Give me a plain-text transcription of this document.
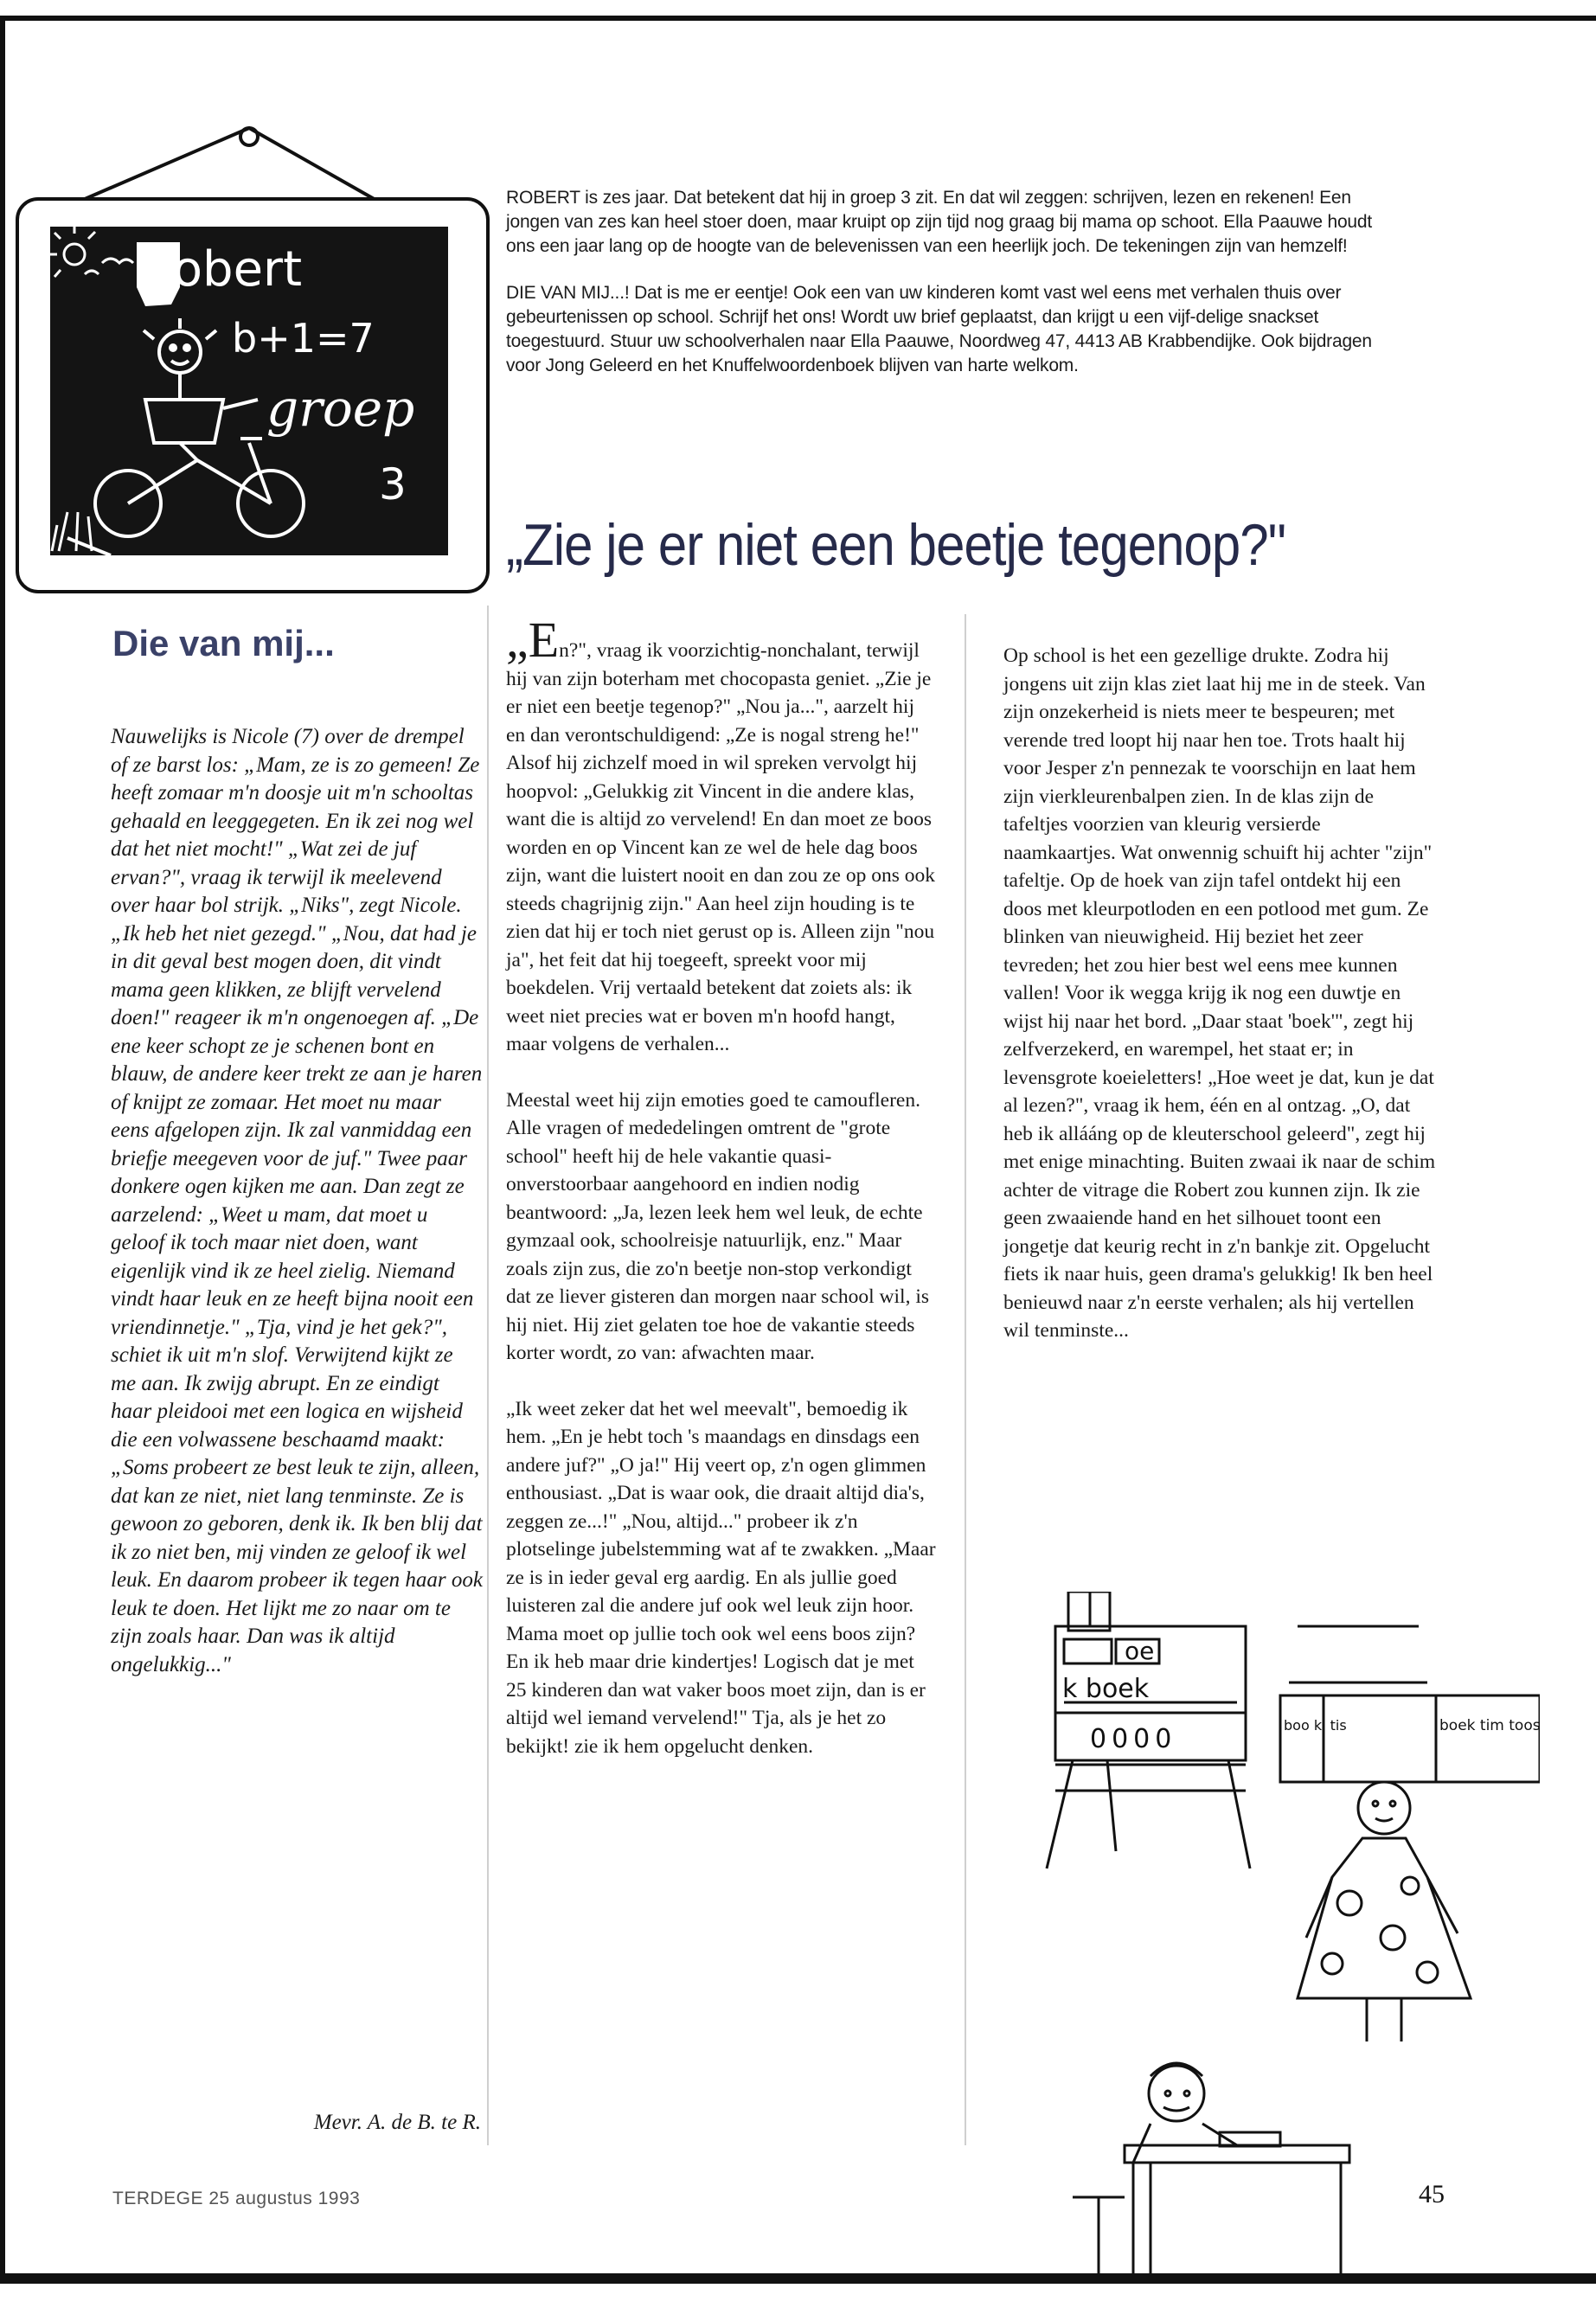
robert
b+1=7
groep
3

ROBERT is zes jaar. Dat betekent dat hij in groep 3 zit. En dat wil zeggen: schrijven, lezen en rekenen! Een jongen van zes kan heel stoer doen, maar kruipt op zijn tijd nog graag bij mama op schoot. Ella Paauwe houdt ons een jaar lang op de hoogte van de belevenissen van een heerlijk joch. De tekeningen zijn van hemzelf!

DIE VAN MIJ...! Dat is me er eentje! Ook een van uw kinderen komt vast wel eens met verhalen thuis over gebeurtenissen op school. Schrijf het ons! Wordt uw brief geplaatst, dan krijgt u een vijf-delige snackset toegestuurd. Stuur uw schoolverhalen naar Ella Paauwe, Noordweg 47, 4413 AB Krabbendijke. Ook bijdragen voor Jong Geleerd en het Knuffelwoordenboek blijven van harte welkom.

„Zie je er niet een beetje tegenop?"
Die van mij...

Nauwelijks is Nicole (7) over de drempel of ze barst los: „Mam, ze is zo gemeen! Ze heeft zomaar m'n doosje uit m'n schooltas gehaald en leeggegeten. En ik zei nog wel dat het niet mocht!" „Wat zei de juf ervan?", vraag ik terwijl ik meelevend over haar bol strijk. „Niks", zegt Nicole. „Ik heb het niet gezegd." „Nou, dat had je in dit geval best mogen doen, dit vindt mama geen klikken, ze blijft vervelend doen!" reageer ik m'n ongenoegen af. „De ene keer schopt ze je schenen bont en blauw, de andere keer trekt ze aan je haren of knijpt ze zomaar. Het moet nu maar eens afgelopen zijn. Ik zal vanmiddag een briefje meegeven voor de juf." Twee paar donkere ogen kijken me aan. Dan zegt ze aarzelend: „Weet u mam, dat moet u geloof ik toch maar niet doen, want eigenlijk vind ik ze heel zielig. Niemand vindt haar leuk en ze heeft bijna nooit een vriendinnetje." „Tja, vind je het gek?", schiet ik uit m'n slof. Verwijtend kijkt ze me aan. Ik zwijg abrupt. En ze eindigt haar pleidooi met een logica en wijsheid die een volwassene beschaamd maakt: „Soms probeert ze best leuk te zijn, alleen, dat kan ze niet, niet lang tenminste. Ze is gewoon zo geboren, denk ik. Ik ben blij dat ik zo niet ben, mij vinden ze geloof ik wel leuk. En daarom probeer ik tegen haar ook leuk te doen. Het lijkt me zo naar om te zijn zoals haar. Dan was ik altijd ongelukkig..."

Mevr. A. de B. te R.

„En?", vraag ik voorzichtig-nonchalant, terwijl hij van zijn boterham met chocopasta geniet. „Zie je er niet een beetje tegenop?" „Nou ja...", aarzelt hij en dan verontschuldigend: „Ze is nogal streng he!" Alsof hij zichzelf moed in wil spreken vervolgt hij hoopvol: „Gelukkig zit Vincent in die andere klas, want die is altijd zo vervelend! En dan moet ze boos worden en op Vincent kan ze wel de hele dag boos zijn, want die luistert nooit en dan zou ze op ons ook steeds chagrijnig zijn." Aan heel zijn houding is te zien dat hij er toch niet gerust op is. Alleen zijn "nou ja", het feit dat hij toegeeft, spreekt voor mij boekdelen. Vrij vertaald betekent dat zoiets als: ik weet niet precies wat er boven m'n hoofd hangt, maar volgens de verhalen...

Meestal weet hij zijn emoties goed te camoufleren. Alle vragen of mededelingen omtrent de "grote school" heeft hij de hele vakantie quasi-onverstoorbaar aangehoord en indien nodig beantwoord: „Ja, lezen leek hem wel leuk, de echte gymzaal ook, schoolreisje natuurlijk, enz." Maar zoals zijn zus, die zo'n beetje non-stop verkondigt dat ze liever gisteren dan morgen naar school wil, is hij niet. Hij ziet gelaten toe hoe de vakantie steeds korter wordt, zo van: afwachten maar.

„Ik weet zeker dat het wel meevalt", bemoedig ik hem. „En je hebt toch 's maandags en dinsdags een andere juf?" „O ja!" Hij veert op, z'n ogen glimmen enthousiast. „Dat is waar ook, die draait altijd dia's, zeggen ze...!" „Nou, altijd..." probeer ik z'n plotselinge jubelstemming wat af te zwakken. „Maar ze is in ieder geval erg aardig. En als jullie goed luisteren zal die andere juf ook wel leuk zijn hoor. Mama moet op jullie toch ook wel eens boos zijn? En ik heb maar drie kindertjes! Logisch dat je met 25 kinderen dan wat vaker boos moet zijn, dan is er altijd wel iemand vervelend!" Tja, als je het zo bekijkt! zie ik hem opgelucht denken.

Op school is het een gezellige drukte. Zodra hij jongens uit zijn klas ziet laat hij me in de steek. Van zijn onzekerheid is niets meer te bespeuren; met verende tred loopt hij naar hen toe. Trots haalt hij voor Jesper z'n pennezak te voorschijn en laat hem zijn vierkleurenbalpen zien. In de klas zijn de tafeltjes voorzien van kleurig versierde naamkaartjes. Wat onwennig schuift hij achter "zijn" tafeltje. Op de hoek van zijn tafel ontdekt hij een doos met kleurpotloden en een potlood met gum. Ze blinken van nieuwigheid. Hij beziet het zeer tevreden; het zou hier best wel eens mee kunnen vallen! Voor ik wegga krijg ik nog een duwtje en wijst hij naar het bord. „Daar staat 'boek'", zegt hij zelfverzekerd, en warempel, het staat er; in levensgrote koeieletters! „Hoe weet je dat, kun je dat al lezen?", vraag ik hem, één en al ontzag. „O, dat heb ik allááng op de kleuterschool geleerd", zegt hij met enige minachting. Buiten zwaai ik naar de schim achter de vitrage die Robert zou kunnen zijn. Ik zie geen zwaaiende hand en het silhouet toont een jongetje dat keurig recht in z'n bankje zit. Opgelucht fiets ik naar huis, geen drama's gelukkig! Ik ben heel benieuwd naar z'n eerste verhalen; als hij vertellen wil tenminste...

oe
k boek
0000	boo ki tis	boek tim toos
TERDEGE 25 augustus 1993	45
